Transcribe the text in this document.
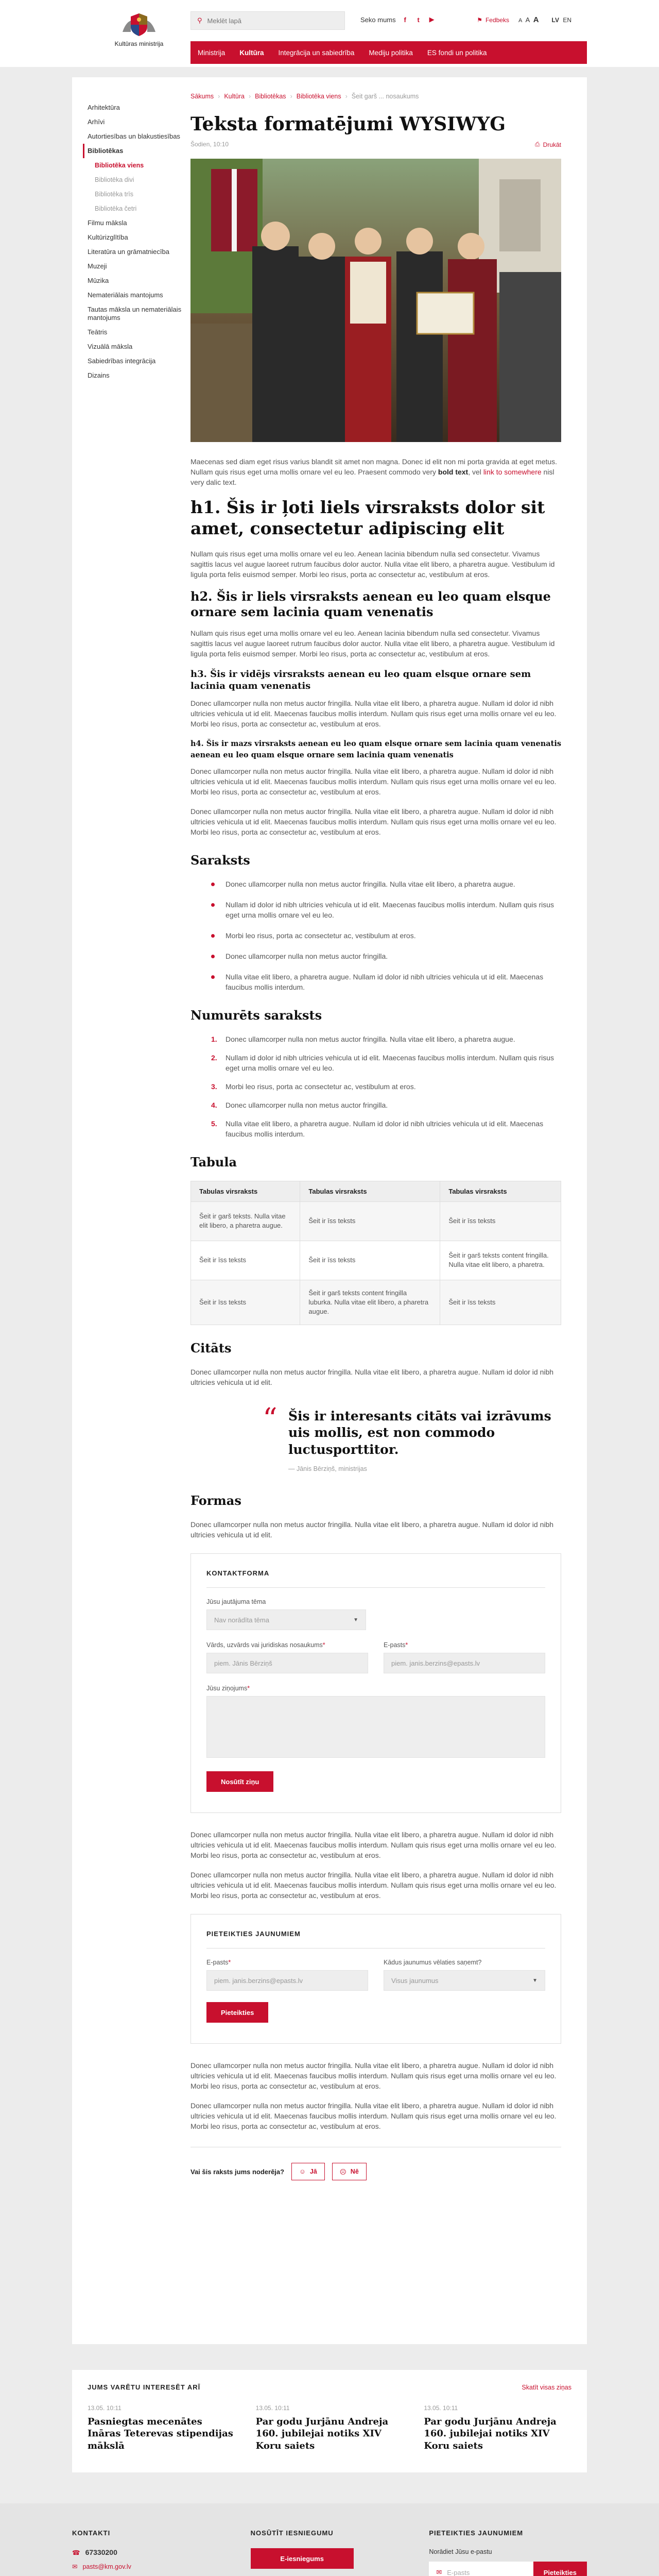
Kultūras ministrija
⚲
Meklēt lapā	Seko mums	f	t	▶	⚑ Fedbeks A A A	LV EN
Ministrija	Kultūra	Integrācija un sabiedrība	Mediju politika	ES fondi un politika
Arhitektūra
Arhīvi
Autortiesības un blakustiesības
Bibliotēkas
Bibliotēka viens
Bibliotēka divi
Bibliotēka trīs
Bibliotēka četri
Filmu māksla
Kultūrizglītība
Literatūra un grāmatniecība
Muzeji
Mūzika
Nemateriālais mantojums
Tautas māksla un nemateriālais mantojums
Teātris
Vizuālā māksla
Sabiedrības integrācija
Dizains
Sākums › Kultūra › Bibliotēkas › Bibliotēka viens › Šeit garš ... nosaukums
Teksta formatējumi WYSIWYG
Šodien, 10:10	⎙ Drukāt

Maecenas sed diam eget risus varius blandit sit amet non magna. Donec id elit non mi porta gravida at eget metus. Nullam quis risus eget urna mollis ornare vel eu leo. Praesent commodo very bold text, vel link to somewhere nisl very dalic text.

h1. Šis ir ļoti liels virsraksts dolor sit amet, consectetur adipiscing elit

Nullam quis risus eget urna mollis ornare vel eu leo. Aenean lacinia bibendum nulla sed consectetur. Vivamus sagittis lacus vel augue laoreet rutrum faucibus dolor auctor. Nulla vitae elit libero, a pharetra augue. Vestibulum id ligula porta felis euismod semper. Morbi leo risus, porta ac consectetur ac, vestibulum at eros.

h2. Šis ir liels virsraksts aenean eu leo quam elsque ornare sem lacinia quam venenatis

Nullam quis risus eget urna mollis ornare vel eu leo. Aenean lacinia bibendum nulla sed consectetur. Vivamus sagittis lacus vel augue laoreet rutrum faucibus dolor auctor. Nulla vitae elit libero, a pharetra augue. Vestibulum id ligula porta felis euismod semper. Morbi leo risus, porta ac consectetur ac, vestibulum at eros.

h3. Šis ir vidējs virsraksts aenean eu leo quam elsque ornare sem lacinia quam venenatis

Donec ullamcorper nulla non metus auctor fringilla. Nulla vitae elit libero, a pharetra augue. Nullam id dolor id nibh ultricies vehicula ut id elit. Maecenas faucibus mollis interdum. Nullam quis risus eget urna mollis ornare vel eu leo. Morbi leo risus, porta ac consectetur ac, vestibulum at eros.

h4. Šis ir mazs virsraksts aenean eu leo quam elsque ornare sem lacinia quam venenatis aenean eu leo quam elsque ornare sem lacinia quam venenatis

Donec ullamcorper nulla non metus auctor fringilla. Nulla vitae elit libero, a pharetra augue. Nullam id dolor id nibh ultricies vehicula ut id elit. Maecenas faucibus mollis interdum. Nullam quis risus eget urna mollis ornare vel eu leo. Morbi leo risus, porta ac consectetur ac, vestibulum at eros.

Donec ullamcorper nulla non metus auctor fringilla. Nulla vitae elit libero, a pharetra augue. Nullam id dolor id nibh ultricies vehicula ut id elit. Maecenas faucibus mollis interdum. Nullam quis risus eget urna mollis ornare vel eu leo. Morbi leo risus, porta ac consectetur ac, vestibulum at eros.

Saraksts
Donec ullamcorper nulla non metus auctor fringilla. Nulla vitae elit libero, a pharetra augue.
Nullam id dolor id nibh ultricies vehicula ut id elit. Maecenas faucibus mollis interdum. Nullam quis risus eget urna mollis ornare vel eu leo.
Morbi leo risus, porta ac consectetur ac, vestibulum at eros.
Donec ullamcorper nulla non metus auctor fringilla.
Nulla vitae elit libero, a pharetra augue. Nullam id dolor id nibh ultricies vehicula ut id elit. Maecenas faucibus mollis interdum.
Numurēts saraksts
1. Donec ullamcorper nulla non metus auctor fringilla. Nulla vitae elit libero, a pharetra augue.
2. Nullam id dolor id nibh ultricies vehicula ut id elit. Maecenas faucibus mollis interdum. Nullam quis risus eget urna mollis ornare vel eu leo.
3. Morbi leo risus, porta ac consectetur ac, vestibulum at eros.
4. Donec ullamcorper nulla non metus auctor fringilla.
5. Nulla vitae elit libero, a pharetra augue. Nullam id dolor id nibh ultricies vehicula ut id elit. Maecenas faucibus mollis interdum.
Tabula
Tabulas virsraksts	Tabulas virsraksts	Tabulas virsraksts
Šeit ir garš teksts. Nulla vitae elit libero, a pharetra augue.	Šeit ir īss teksts	Šeit ir īss teksts
Šeit ir īss teksts	Šeit ir īss teksts	Šeit ir garš teksts content fringilla. Nulla vitae elit libero, a pharetra.
Šeit ir īss teksts	Šeit ir garš teksts content fringilla luburka. Nulla vitae elit libero, a pharetra augue.	Šeit ir īss teksts
Citāts

Donec ullamcorper nulla non metus auctor fringilla. Nulla vitae elit libero, a pharetra augue. Nullam id dolor id nibh ultricies vehicula ut id elit.

“ Šis ir interesants citāts vai izrāvums uis mollis, est non commodo luctusporttitor.
— Jānis Bērziņš, ministrijas
Formas

Donec ullamcorper nulla non metus auctor fringilla. Nulla vitae elit libero, a pharetra augue. Nullam id dolor id nibh ultricies vehicula ut id elit.

KONTAKTFORMA
Jūsu jautājuma tēma
Nav norādīta tēma	▼
Vārds, uzvārds vai juridiskas nosaukums*
piem. Jānis Bērziņš
E-pasts*
piem. janis.berzins@epasts.lv
Jūsu ziņojums*
Nosūtīt ziņu

Donec ullamcorper nulla non metus auctor fringilla. Nulla vitae elit libero, a pharetra augue. Nullam id dolor id nibh ultricies vehicula ut id elit. Maecenas faucibus mollis interdum. Nullam quis risus eget urna mollis ornare vel eu leo. Morbi leo risus, porta ac consectetur ac, vestibulum at eros.

Donec ullamcorper nulla non metus auctor fringilla. Nulla vitae elit libero, a pharetra augue. Nullam id dolor id nibh ultricies vehicula ut id elit. Maecenas faucibus mollis interdum. Nullam quis risus eget urna mollis ornare vel eu leo. Morbi leo risus, porta ac consectetur ac, vestibulum at eros.

PIETEIKTIES JAUNUMIEM
E-pasts*
piem. janis.berzins@epasts.lv
Kādus jaunumus vēlaties saņemt?
Visus jaunumus	▼
Pieteikties

Donec ullamcorper nulla non metus auctor fringilla. Nulla vitae elit libero, a pharetra augue. Nullam id dolor id nibh ultricies vehicula ut id elit. Maecenas faucibus mollis interdum. Nullam quis risus eget urna mollis ornare vel eu leo. Morbi leo risus, porta ac consectetur ac, vestibulum at eros.

Donec ullamcorper nulla non metus auctor fringilla. Nulla vitae elit libero, a pharetra augue. Nullam id dolor id nibh ultricies vehicula ut id elit. Maecenas faucibus mollis interdum. Nullam quis risus eget urna mollis ornare vel eu leo. Morbi leo risus, porta ac consectetur ac, vestibulum at eros.

Vai šis raksts jums noderēja? ☺ Jā	☹ Nē
JUMS VARĒTU INTERESĒT ARĪ	Skatīt visas ziņas
13.05. 10:11
Pasniegtas mecenātes Ināras Teterevas stipendijas mākslā
13.05. 10:11
Par godu Jurjānu Andreja 160. jubilejai notiks XIV Koru saiets
13.05. 10:11
Par godu Jurjānu Andreja 160. jubilejai notiks XIV Koru saiets
KONTAKTI
☎ 67330200
✉ pasts@km.gov.lv
NOSŪTĪT IESNIEGUMU
E-iesniegums
PIETEIKTIES JAUNUMIEM
Norādiet Jūsu e-pastu
✉ E-pasts	Pieteikties
